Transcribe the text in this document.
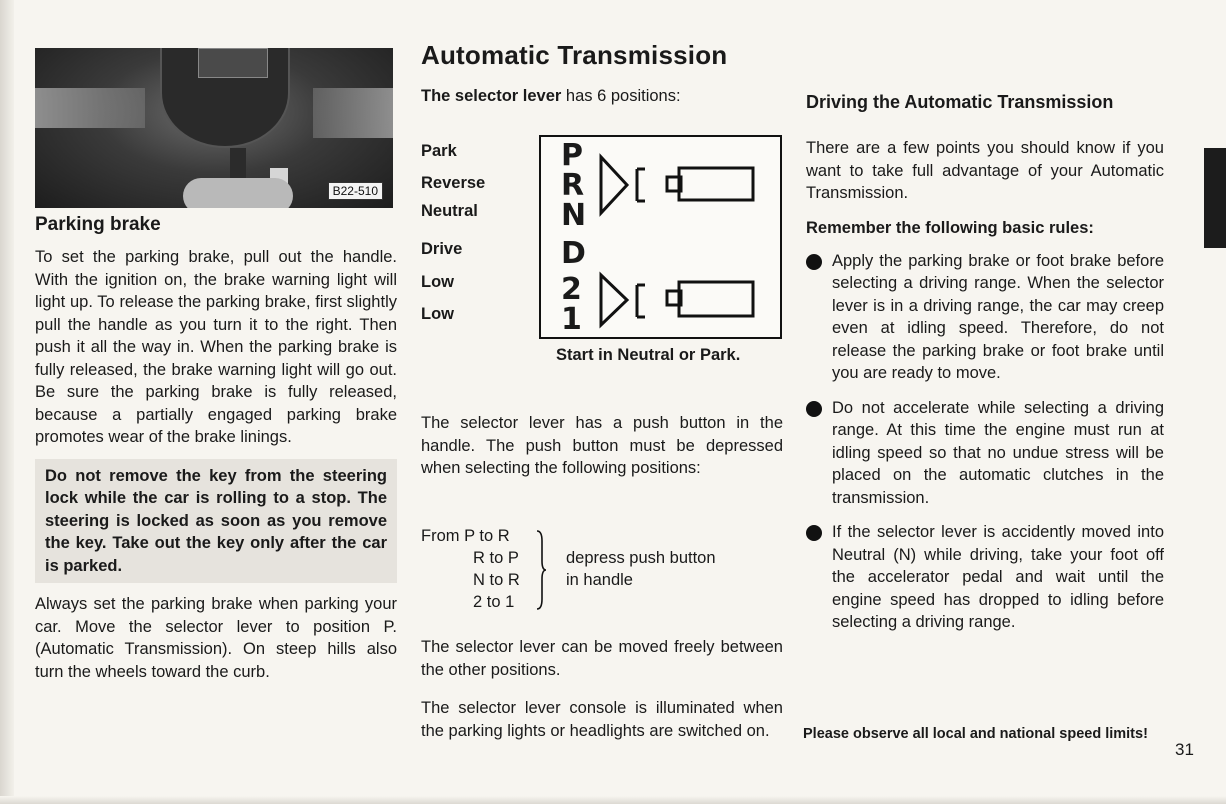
B22-510
Parking brake

To set the parking brake, pull out the handle. With the ignition on, the brake warning light will light up. To release the parking brake, first slightly pull the handle as you turn it to the right. Then push it all the way in. When the parking brake is fully released, the brake warning light will go out. Be sure the parking brake is fully released, because a partially engaged parking brake promotes wear of the brake linings.

Do not remove the key from the steering lock while the car is rolling to a stop. The steering is locked as soon as you remove the key. Take out the key only after the car is parked.

Always set the parking brake when parking your car. Move the selector lever to position P. (Automatic Transmission). On steep hills also turn the wheels toward the curb.

Automatic Transmission
The selector lever has 6 positions:
Park
Reverse
Neutral
Drive
Low
Low
P
R
N
D
2
1
Start in Neutral or Park.

The selector lever has a push button in the handle. The push button must be depressed when selecting the following positions:

From P to R
R to P
N to R
2 to 1
depress push button
in handle

The selector lever can be moved freely between the other positions.

The selector lever console is illuminated when the parking lights or headlights are switched on.

Driving the Automatic Transmission

There are a few points you should know if you want to take full advantage of your Automatic Transmission.

Remember the following basic rules:
Apply the parking brake or foot brake before selecting a driving range. When the selector lever is in a driving range, the car may creep even at idling speed. Therefore, do not release the parking brake or foot brake until you are ready to move.
Do not accelerate while selecting a driving range. At this time the engine must run at idling speed so that no undue stress will be placed on the automatic clutches in the transmission.
If the selector lever is accidently moved into Neutral (N) while driving, take your foot off the accelerator pedal and wait until the engine speed has dropped to idling before selecting a driving range.
Please observe all local and national speed limits!
31
